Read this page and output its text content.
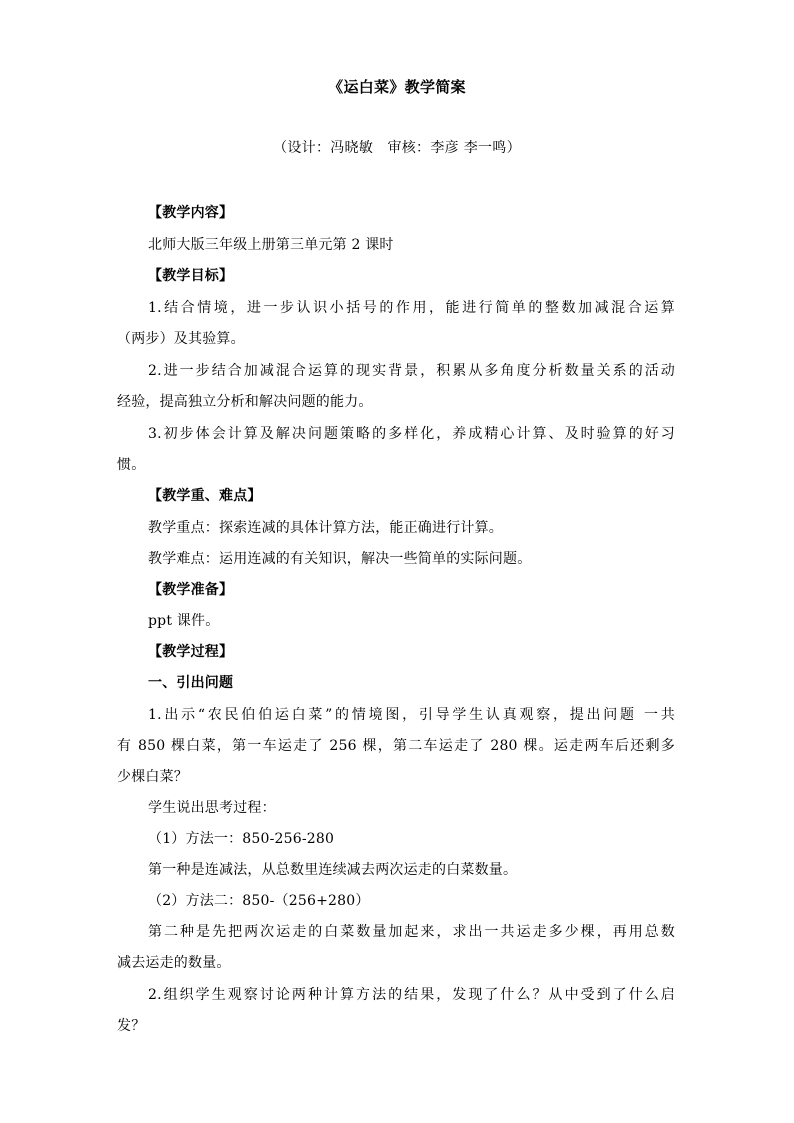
《运白菜》教学简案
（设计：冯晓敏　审核：李彦 李一鸣）
【教学内容】
北师大版三年级上册第三单元第 2 课时
【教学目标】
1.结合情境，进一步认识小括号的作用，能进行简单的整数加减混合运算
（两步）及其验算。
2.进一步结合加减混合运算的现实背景，积累从多角度分析数量关系的活动
经验，提高独立分析和解决问题的能力。
3.初步体会计算及解决问题策略的多样化，养成精心计算、及时验算的好习
惯。
【教学重、难点】
教学重点：探索连减的具体计算方法，能正确进行计算。
教学难点：运用连减的有关知识，解决一些简单的实际问题。
【教学准备】
ppt 课件。
【教学过程】
一、引出问题
1.出示“农民伯伯运白菜”的情境图，引导学生认真观察，提出问题 一共
有 850 棵白菜，第一车运走了 256 棵，第二车运走了 280 棵。运走两车后还剩多
少棵白菜？
学生说出思考过程：
（1）方法一：850-256-280
第一种是连减法，从总数里连续减去两次运走的白菜数量。
（2）方法二：850-（256+280）
第二种是先把两次运走的白菜数量加起来，求出一共运走多少棵，再用总数
减去运走的数量。
2.组织学生观察讨论两种计算方法的结果，发现了什么？从中受到了什么启
发？
